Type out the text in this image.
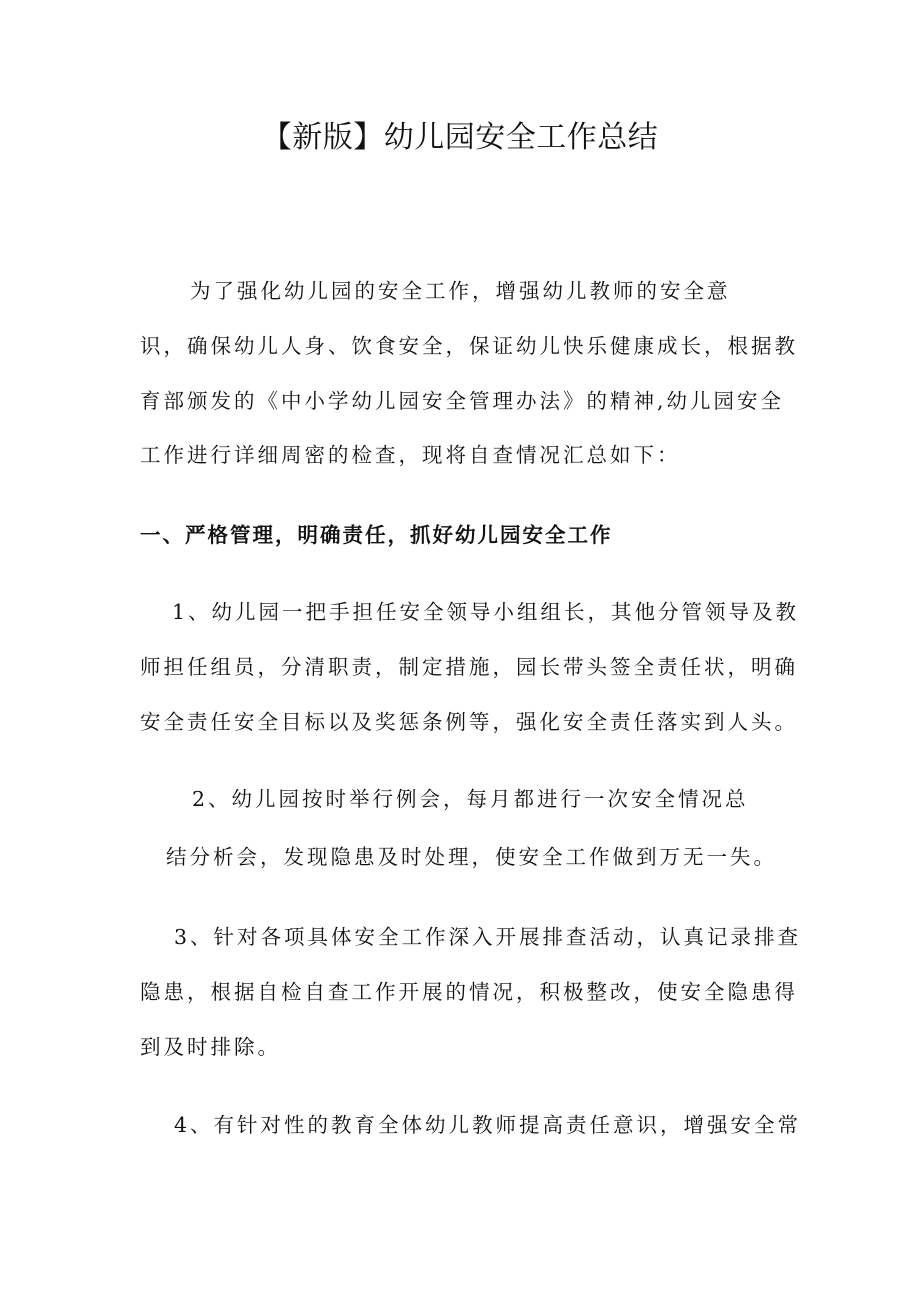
【新版】幼儿园安全工作总结
为了强化幼儿园的安全工作，增强幼儿教师的安全意
识，确保幼儿人身、饮食安全，保证幼儿快乐健康成长，根据教
育部颁发的《中小学幼儿园安全管理办法》的精神,幼儿园安全
工作进行详细周密的检查，现将自查情况汇总如下：
一、严格管理，明确责任，抓好幼儿园安全工作
1、幼儿园一把手担任安全领导小组组长，其他分管领导及教
师担任组员，分清职责，制定措施，园长带头签全责任状，明确
安全责任安全目标以及奖惩条例等，强化安全责任落实到人头。
2、幼儿园按时举行例会，每月都进行一次安全情况总
结分析会，发现隐患及时处理，使安全工作做到万无一失。
3、针对各项具体安全工作深入开展排查活动，认真记录排查
隐患，根据自检自查工作开展的情况，积极整改，使安全隐患得
到及时排除。
4、有针对性的教育全体幼儿教师提高责任意识，增强安全常
